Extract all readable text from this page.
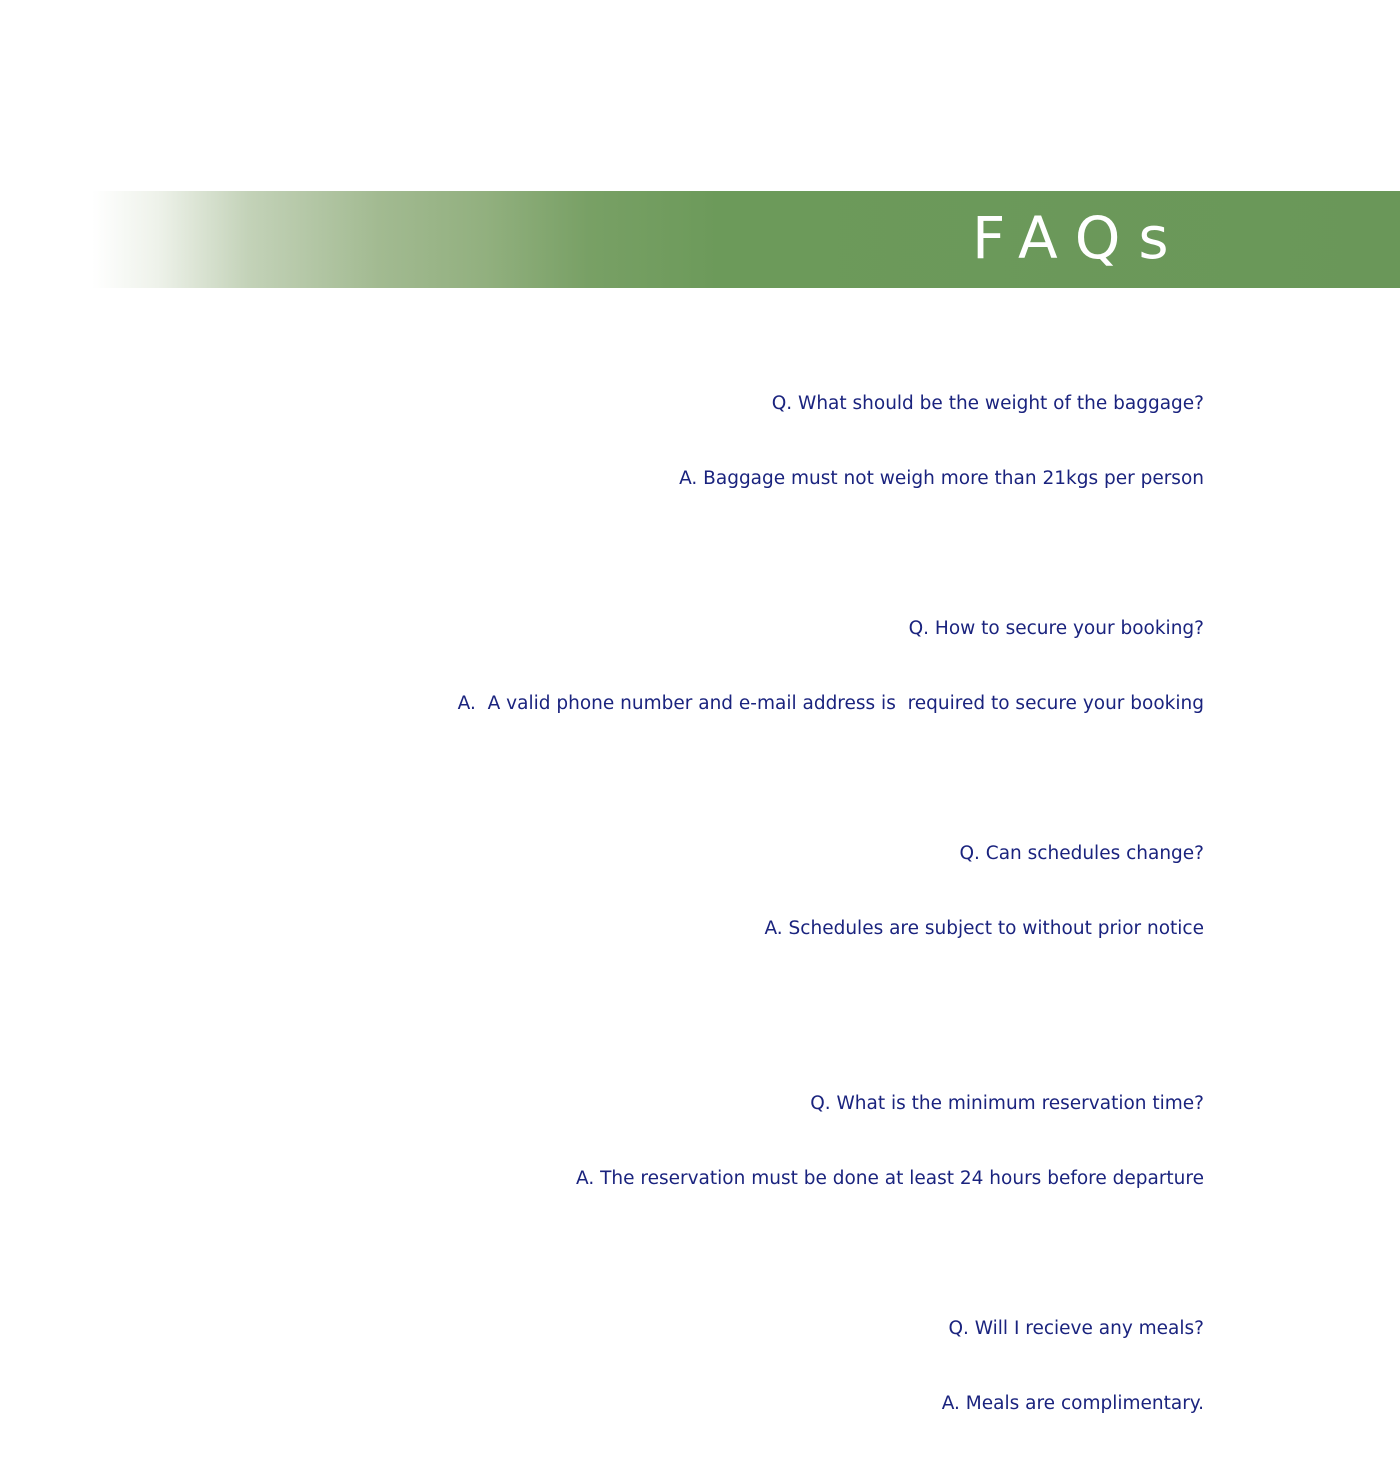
FAQs

Q. What should be the weight of the baggage?

A. Baggage must not weigh more than 21kgs per person

Q. How to secure your booking?

A.  A valid phone number and e-mail address is  required to secure your booking

Q. Can schedules change?

A. Schedules are subject to without prior notice

Q. What is the minimum reservation time?

A. The reservation must be done at least 24 hours before departure

Q. Will I recieve any meals?

A. Meals are complimentary.
